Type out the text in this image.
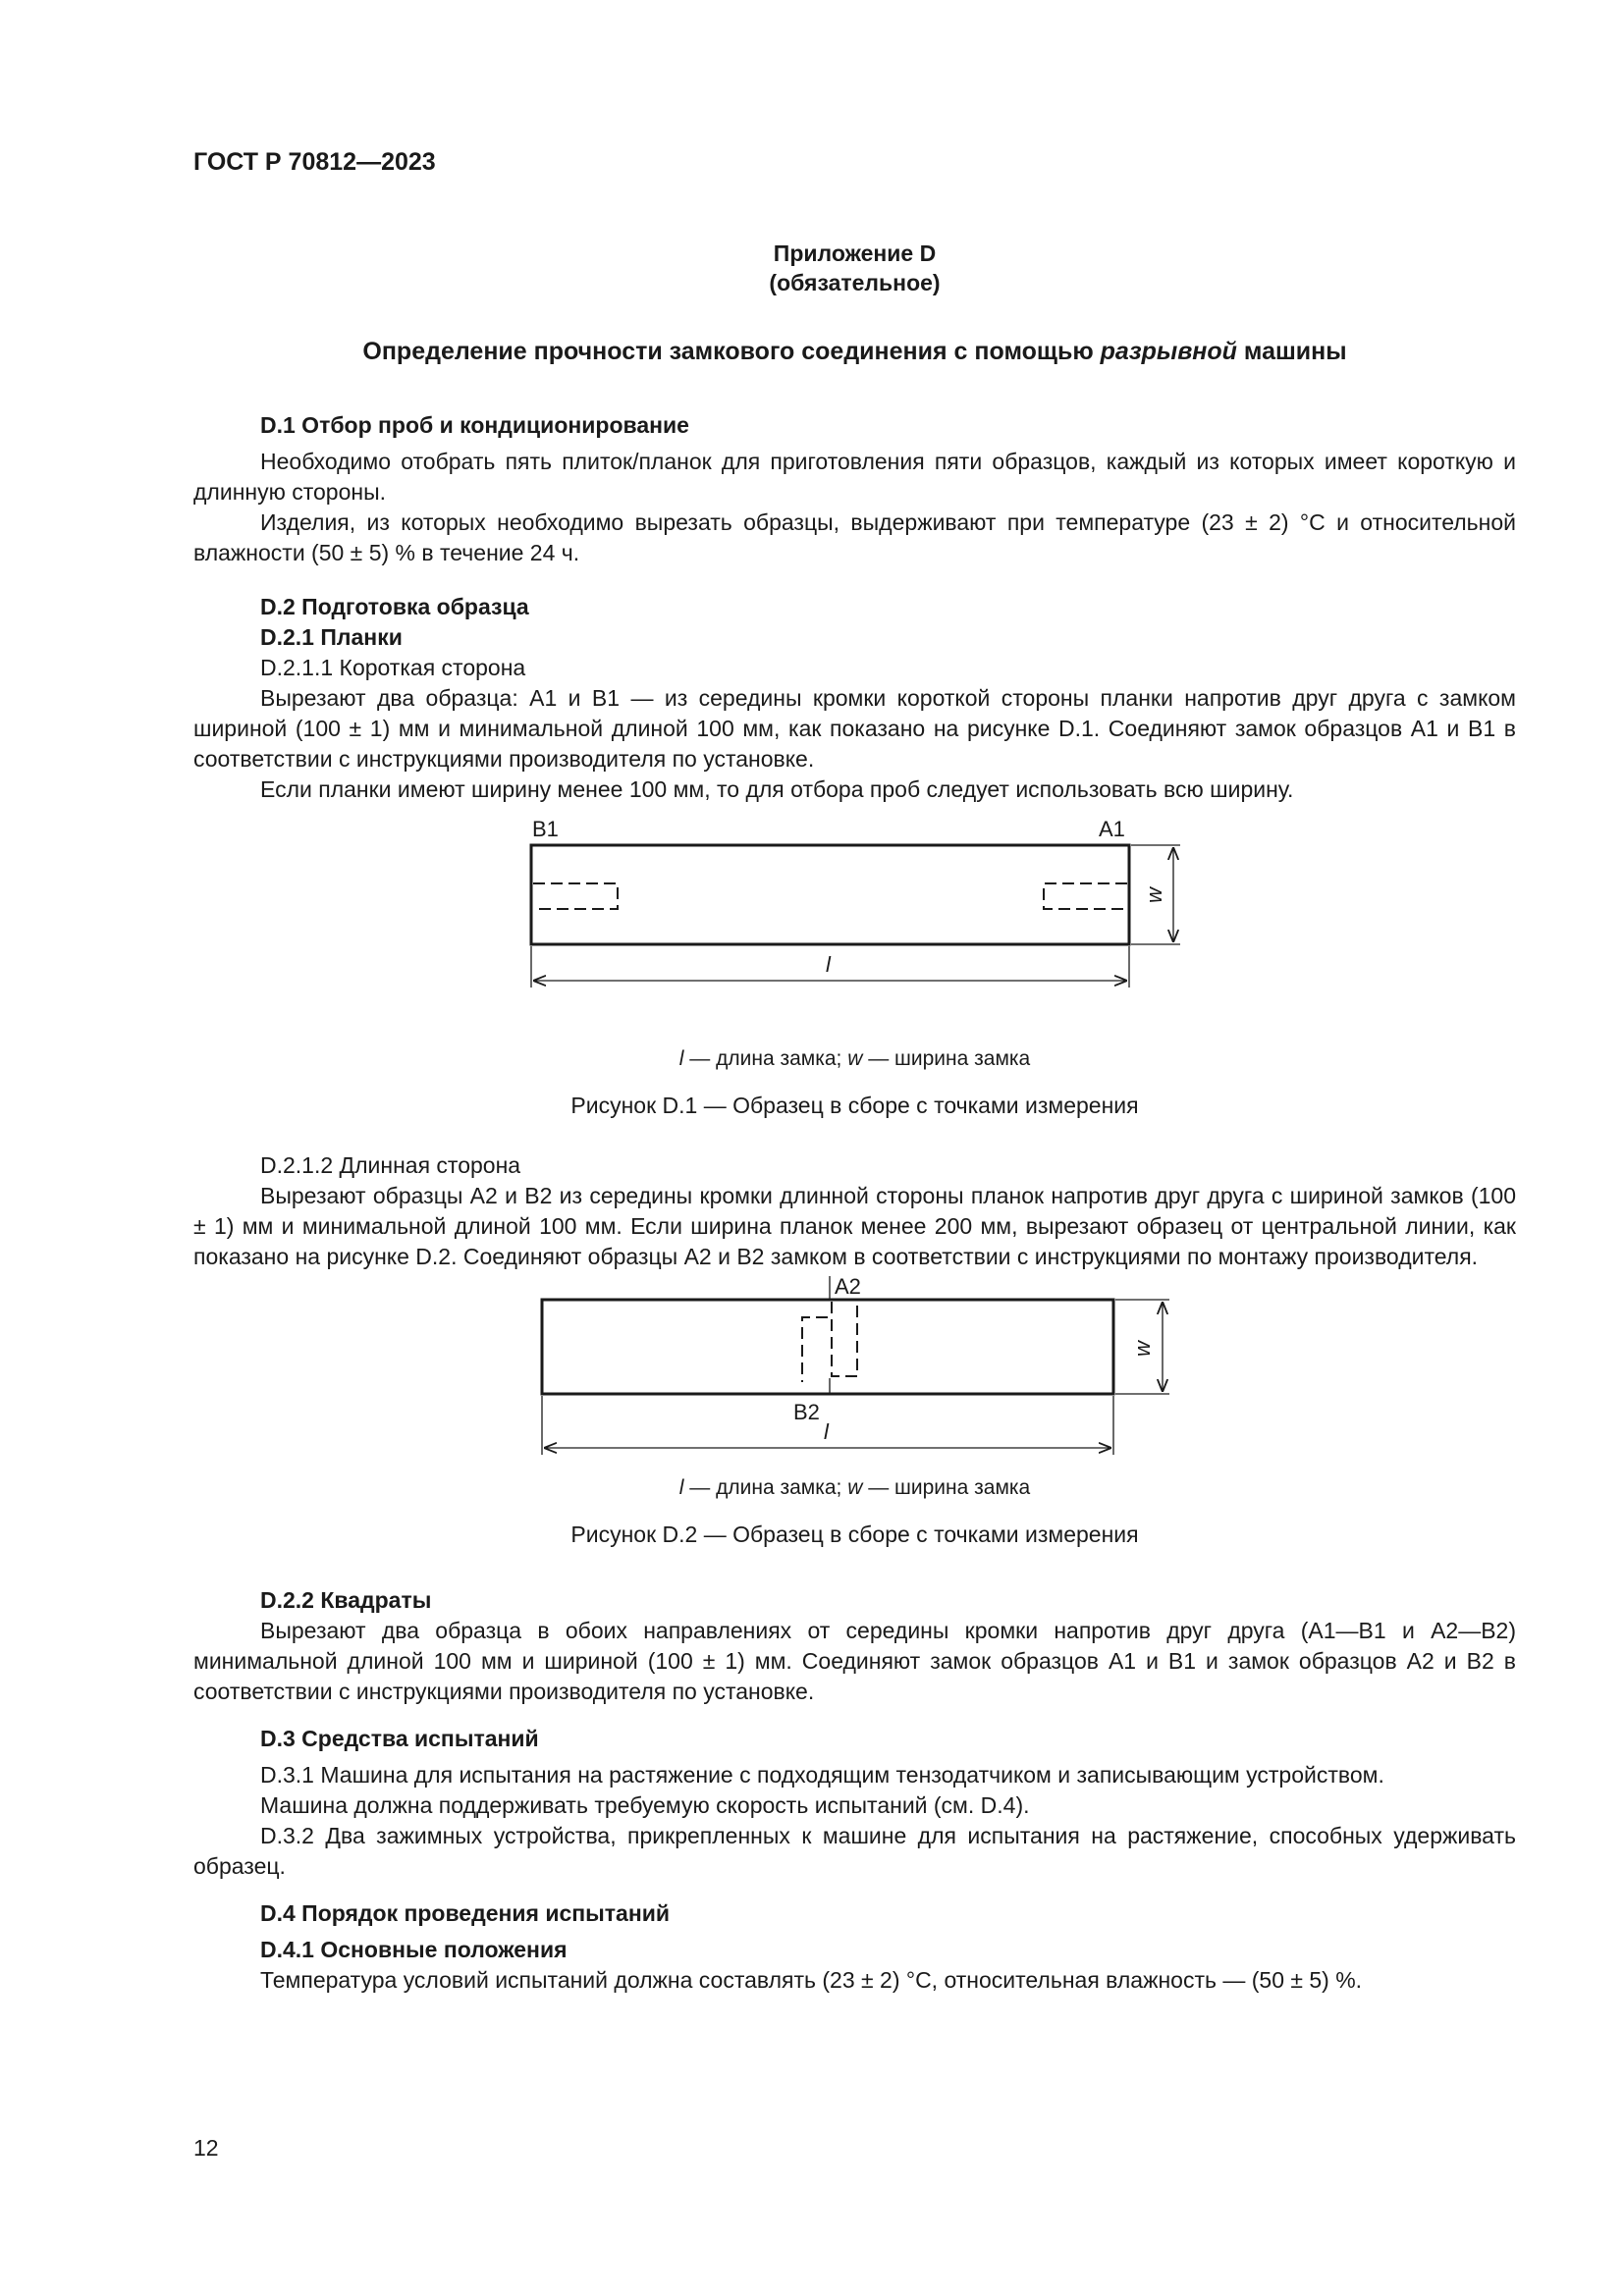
ГОСТ Р 70812—2023
Приложение D
(обязательное)
Определение прочности замкового соединения с помощью разрывной машины
D.1 Отбор проб и кондиционирование
Необходимо отобрать пять плиток/планок для приготовления пяти образцов, каждый из которых имеет короткую и длинную стороны.
Изделия, из которых необходимо вырезать образцы, выдерживают при температуре (23 ± 2) °С и относительной влажности (50 ± 5) % в течение 24 ч.
D.2 Подготовка образца
D.2.1 Планки
D.2.1.1 Короткая сторона
Вырезают два образца: А1 и В1 — из середины кромки короткой стороны планки напротив друг друга с замком шириной (100 ± 1) мм и минимальной длиной 100 мм, как показано на рисунке D.1. Соединяют замок образцов А1 и В1 в соответствии с инструкциями производителя по установке.
Если планки имеют ширину менее 100 мм, то для отбора проб следует использовать всю ширину.
В1	А1
w
l
l — длина замка; w — ширина замка
Рисунок D.1 — Образец в сборе с точками измерения
D.2.1.2 Длинная сторона
Вырезают образцы А2 и В2 из середины кромки длинной стороны планок напротив друг друга с шириной замков (100 ± 1) мм и минимальной длиной 100 мм. Если ширина планок менее 200 мм, вырезают образец от центральной линии, как показано на рисунке D.2. Соединяют образцы А2 и В2 замком в соответствии с инструкциями по монтажу производителя.
А2
В2
w
l
l — длина замка; w — ширина замка
Рисунок D.2 — Образец в сборе с точками измерения
D.2.2 Квадраты
Вырезают два образца в обоих направлениях от середины кромки напротив друг друга (А1—В1 и А2—В2) минимальной длиной 100 мм и шириной (100 ± 1) мм. Соединяют замок образцов А1 и В1 и замок образцов А2 и В2 в соответствии с инструкциями производителя по установке.
D.3 Средства испытаний
D.3.1 Машина для испытания на растяжение с подходящим тензодатчиком и записывающим устройством.
Машина должна поддерживать требуемую скорость испытаний (см. D.4).
D.3.2 Два зажимных устройства, прикрепленных к машине для испытания на растяжение, способных удерживать образец.
D.4 Порядок проведения испытаний
D.4.1 Основные положения
Температура условий испытаний должна составлять (23 ± 2) °С, относительная влажность — (50 ± 5) %.
12
